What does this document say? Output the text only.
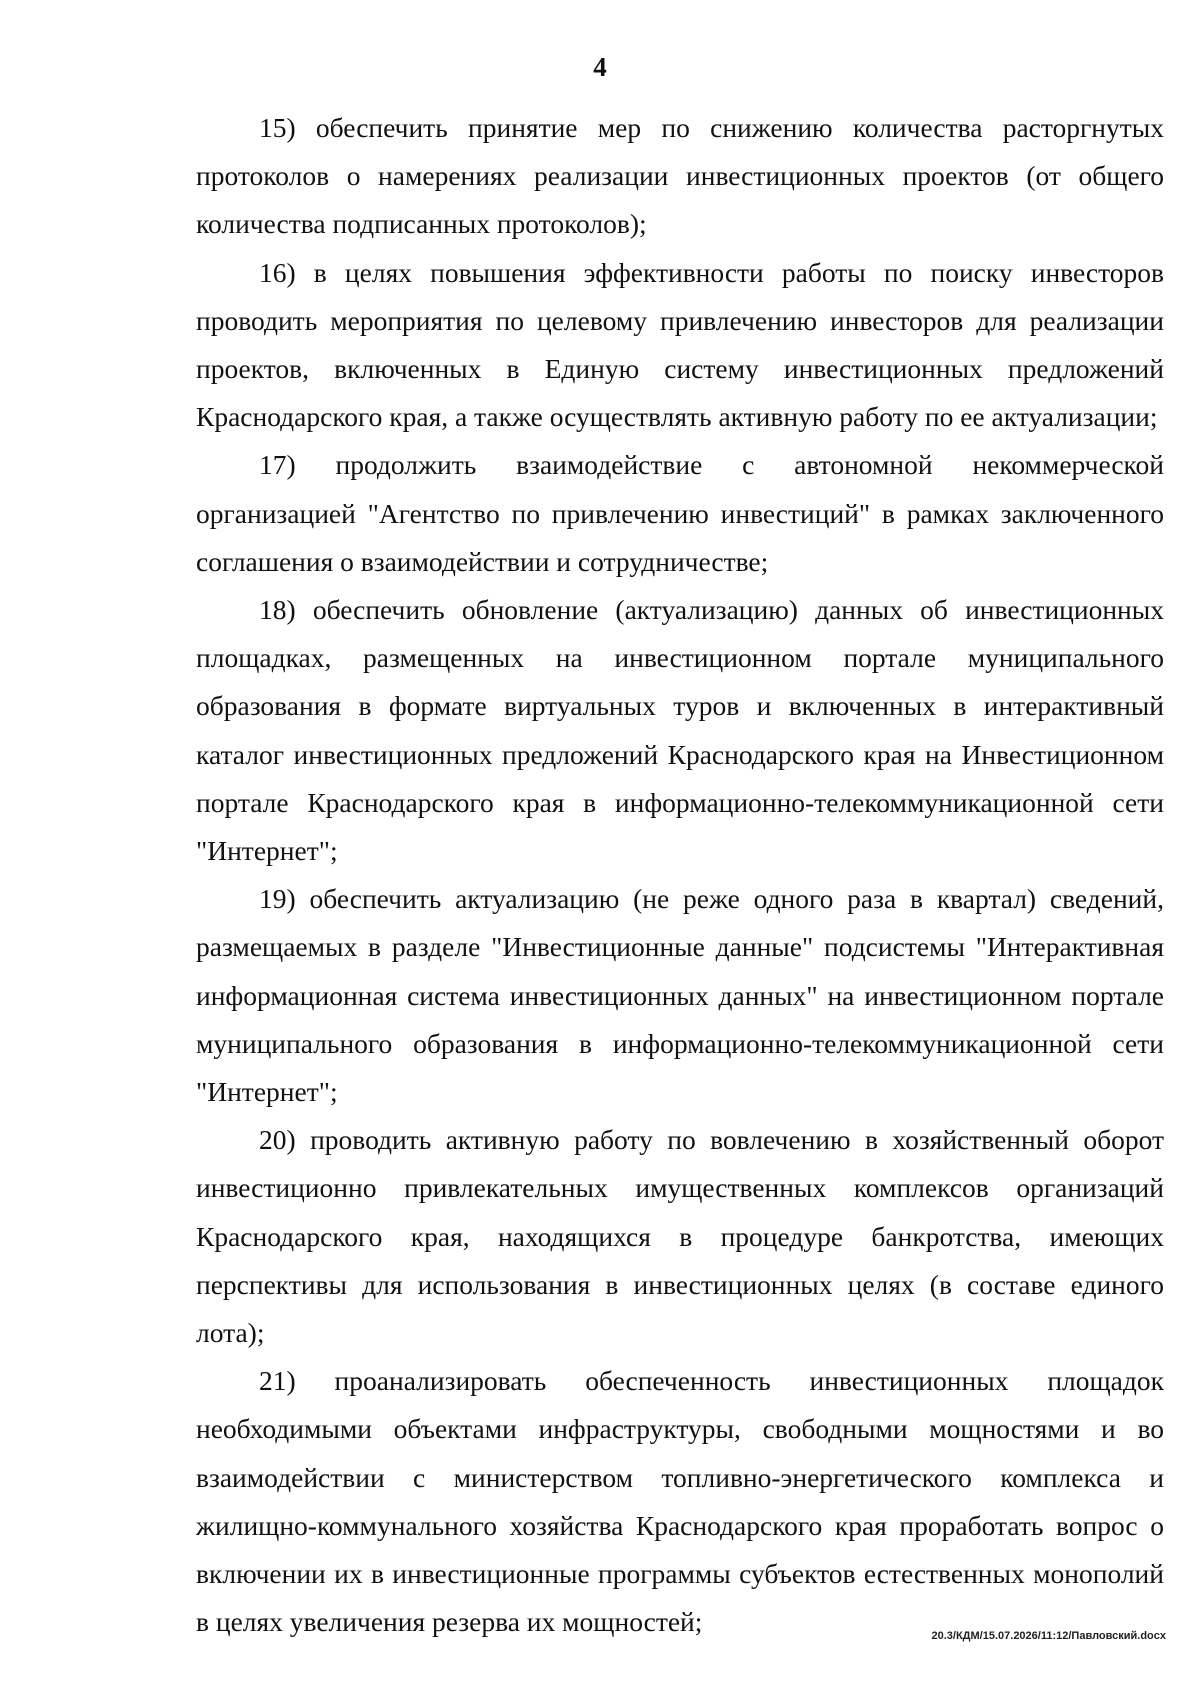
4

15) обеспечить принятие мер по снижению количества расторгнутых протоколов о намерениях реализации инвестиционных проектов (от общего количества подписанных протоколов);

16) в целях повышения эффективности работы по поиску инвесторов проводить мероприятия по целевому привлечению инвесторов для реализации проектов, включенных в Единую систему инвестиционных предложений Краснодарского края, а также осуществлять активную работу по ее актуализации;

17) продолжить взаимодействие с автономной некоммерческой организацией "Агентство по привлечению инвестиций" в рамках заключенного соглашения о взаимодействии и сотрудничестве;

18) обеспечить обновление (актуализацию) данных об инвестиционных площадках, размещенных на инвестиционном портале муниципального образования в формате виртуальных туров и включенных в интерактивный каталог инвестиционных предложений Краснодарского края на Инвестиционном портале Краснодарского края в информационно-телекоммуникационной сети "Интернет";

19) обеспечить актуализацию (не реже одного раза в квартал) сведений, размещаемых в разделе "Инвестиционные данные" подсистемы "Интерактивная информационная система инвестиционных данных" на инвестиционном портале муниципального образования в информационно-телекоммуникационной сети "Интернет";

20) проводить активную работу по вовлечению в хозяйственный оборот инвестиционно привлекательных имущественных комплексов организаций Краснодарского края, находящихся в процедуре банкротства, имеющих перспективы для использования в инвестиционных целях (в составе единого лота);

21) проанализировать обеспеченность инвестиционных площадок необходимыми объектами инфраструктуры, свободными мощностями и во взаимодействии с министерством топливно-энергетического комплекса и жилищно-коммунального хозяйства Краснодарского края проработать вопрос о включении их в инвестиционные программы субъектов естественных монополий в целях увеличения резерва их мощностей;	20.3/КДМ/15.07.2026/11:12/Павловский.docx
